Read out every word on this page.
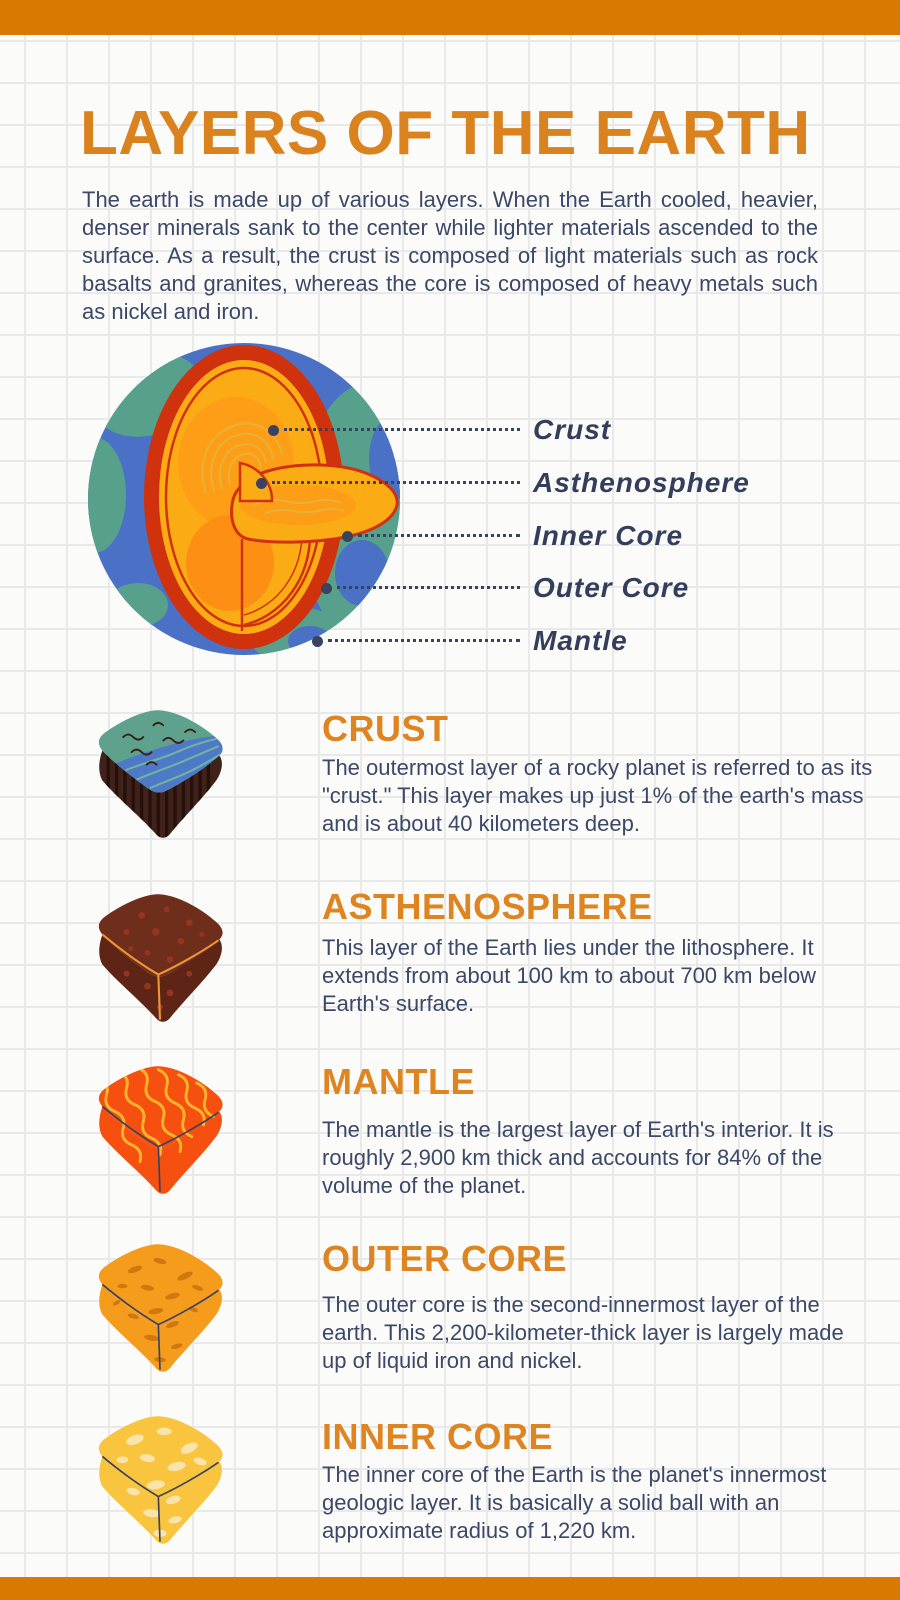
LAYERS OF THE EARTH

The earth is made up of various layers. When the Earth cooled, heavier, denser minerals sank to the center while lighter materials ascended to the surface. As a result, the crust is composed of light materials such as rock basalts and granites, whereas the core is composed of heavy metals such as nickel and iron.

Crust
Asthenosphere
Inner Core
Outer Core
Mantle
CRUST

The outermost layer of a rocky planet is referred to as its "crust." This layer makes up just 1% of the earth's mass and is about 40 kilometers deep.

ASTHENOSPHERE

This layer of the Earth lies under the lithosphere. It extends from about 100 km to about 700 km below Earth's surface.

MANTLE

The mantle is the largest layer of Earth's interior. It is roughly 2,900 km thick and accounts for 84% of the volume of the planet.

OUTER CORE

The outer core is the second-innermost layer of the earth. This 2,200-kilometer-thick layer is largely made up of liquid iron and nickel.

INNER CORE

The inner core of the Earth is the planet's innermost geologic layer. It is basically a solid ball with an approximate radius of 1,220 km.
